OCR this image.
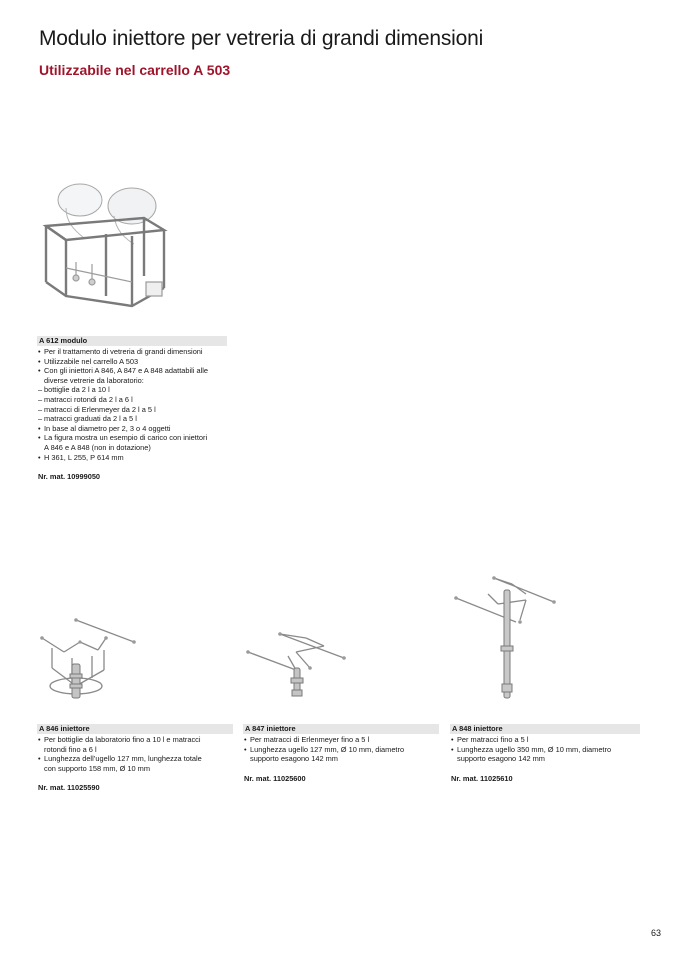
Modulo iniettore per vetreria di grandi dimensioni
Utilizzabile nel carrello A 503
A 612 modulo
• Per il trattamento di vetreria di grandi dimensioni
• Utilizzabile nel carrello A 503
• Con gli iniettori A 846, A 847 e A 848 adattabili alle
diverse vetrerie da laboratorio:
– bottiglie da 2 l a 10 l
– matracci rotondi da 2 l a 6 l
– matracci di Erlenmeyer da 2 l a 5 l
– matracci graduati da 2 l a 5 l
• In base al diametro per 2, 3 o 4 oggetti
• La figura mostra un esempio di carico con iniettori
A 846 e A 848 (non in dotazione)
• H 361, L 255, P 614 mm
Nr. mat. 10999050
A 846 iniettore
• Per bottiglie da laboratorio fino a 10 l e matracci
rotondi fino a 6 l
• Lunghezza dell’ugello 127 mm, lunghezza totale
con supporto 158 mm, Ø 10 mm
Nr. mat. 11025590
A 847 iniettore
• Per matracci di Erlenmeyer fino a 5 l
• Lunghezza ugello 127 mm, Ø 10 mm, diametro
supporto esagono 142 mm
Nr. mat. 11025600
A 848 iniettore
• Per matracci fino a 5 l
• Lunghezza ugello 350 mm, Ø 10 mm, diametro
supporto esagono 142 mm
Nr. mat. 11025610
63
